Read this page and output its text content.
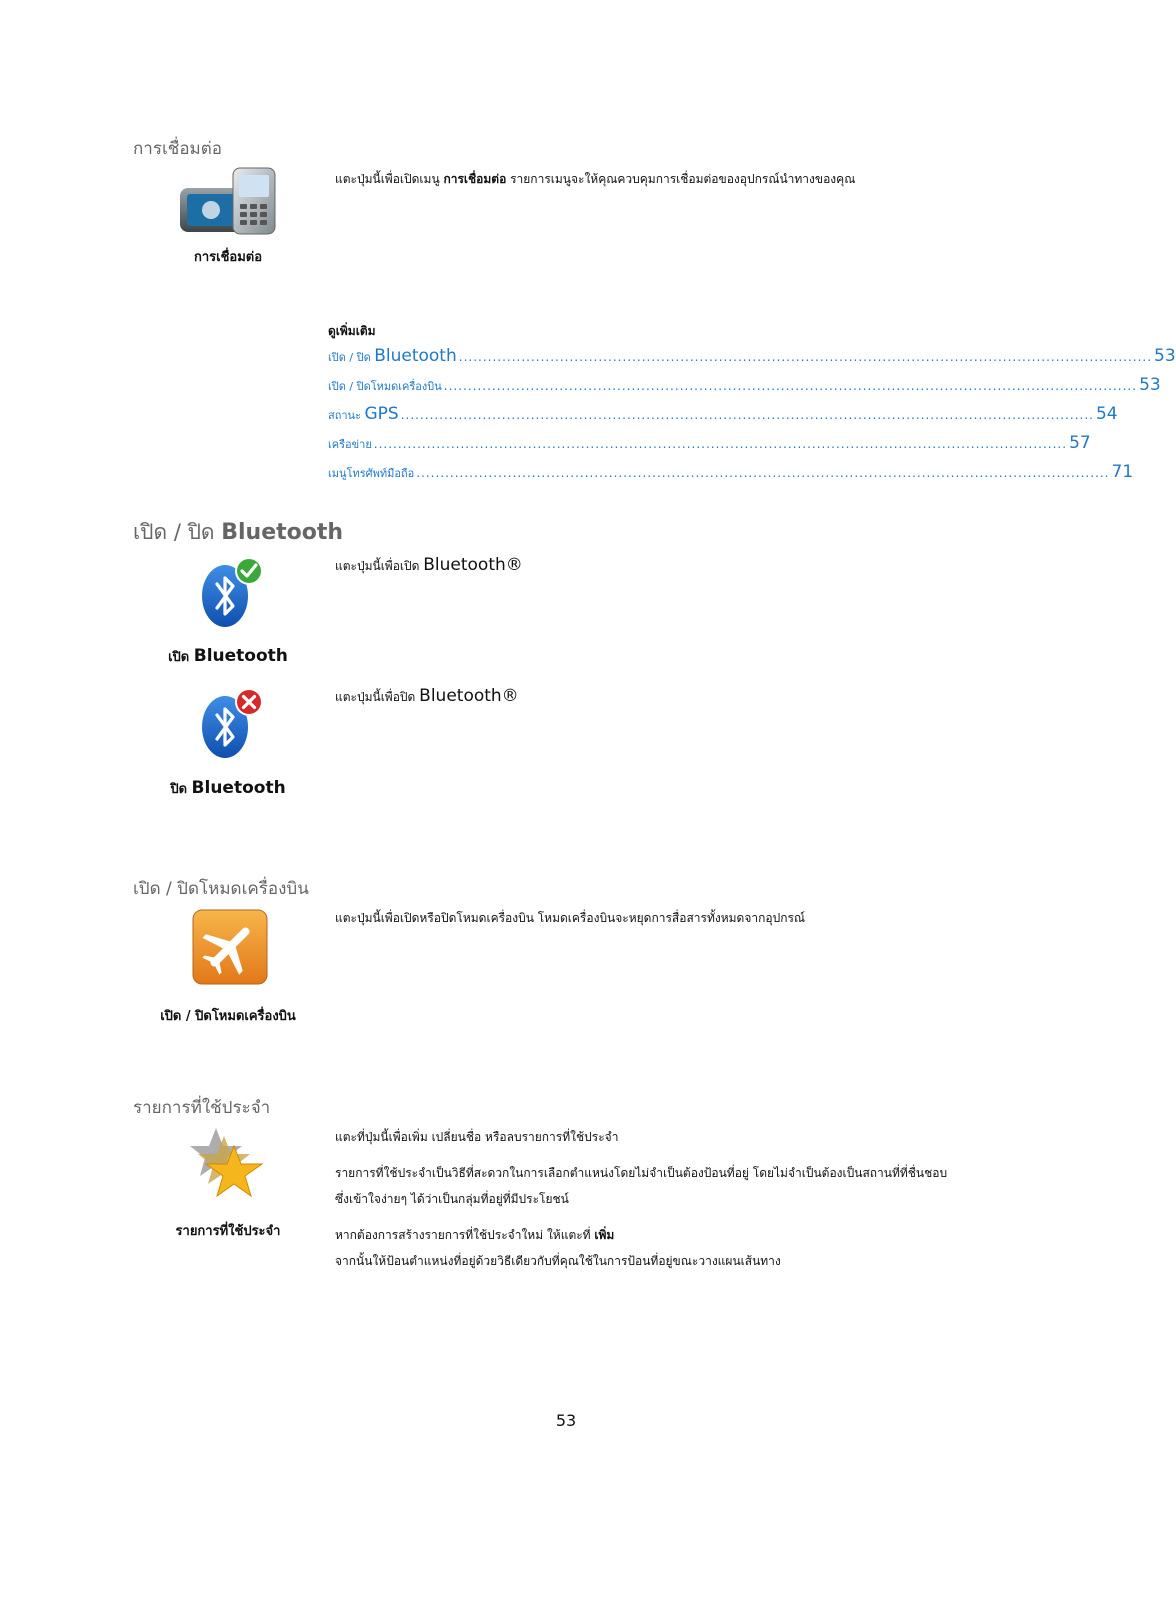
การเชื่อมต่อ
การเชื่อมต่อ
แตะปุ่มนี้เพื่อเปิดเมนู การเชื่อมต่อ รายการเมนูจะให้คุณควบคุมการเชื่อมต่อของอุปกรณ์นำทางของคุณ
ดูเพิ่มเติม
เปิด / ปิด Bluetooth ................................................................................................................................................ 53
เปิด / ปิดโหมดเครื่องบิน ................................................................................................................................................ 53
สถานะ GPS ................................................................................................................................................ 54
เครือข่าย ................................................................................................................................................ 57
เมนูโทรศัพท์มือถือ ................................................................................................................................................ 71
เปิด / ปิด Bluetooth
เปิด Bluetooth
แตะปุ่มนี้เพื่อเปิด Bluetooth®
ปิด Bluetooth
แตะปุ่มนี้เพื่อปิด Bluetooth®
เปิด / ปิดโหมดเครื่องบิน
เปิด / ปิดโหมดเครื่องบิน
แตะปุ่มนี้เพื่อเปิดหรือปิดโหมดเครื่องบิน โหมดเครื่องบินจะหยุดการสื่อสารทั้งหมดจากอุปกรณ์
รายการที่ใช้ประจำ
รายการที่ใช้ประจำ
แตะที่ปุ่มนี้เพื่อเพิ่ม เปลี่ยนชื่อ หรือลบรายการที่ใช้ประจำ
รายการที่ใช้ประจำเป็นวิธีที่สะดวกในการเลือกตำแหน่งโดยไม่จำเป็นต้องป้อนที่อยู่ โดยไม่จำเป็นต้องเป็นสถานที่ที่ชื่นชอบ
ซึ่งเข้าใจง่ายๆ ได้ว่าเป็นกลุ่มที่อยู่ที่มีประโยชน์
หากต้องการสร้างรายการที่ใช้ประจำใหม่ ให้แตะที่ เพิ่ม
จากนั้นให้ป้อนตำแหน่งที่อยู่ด้วยวิธีเดียวกับที่คุณใช้ในการป้อนที่อยู่ขณะวางแผนเส้นทาง
53
